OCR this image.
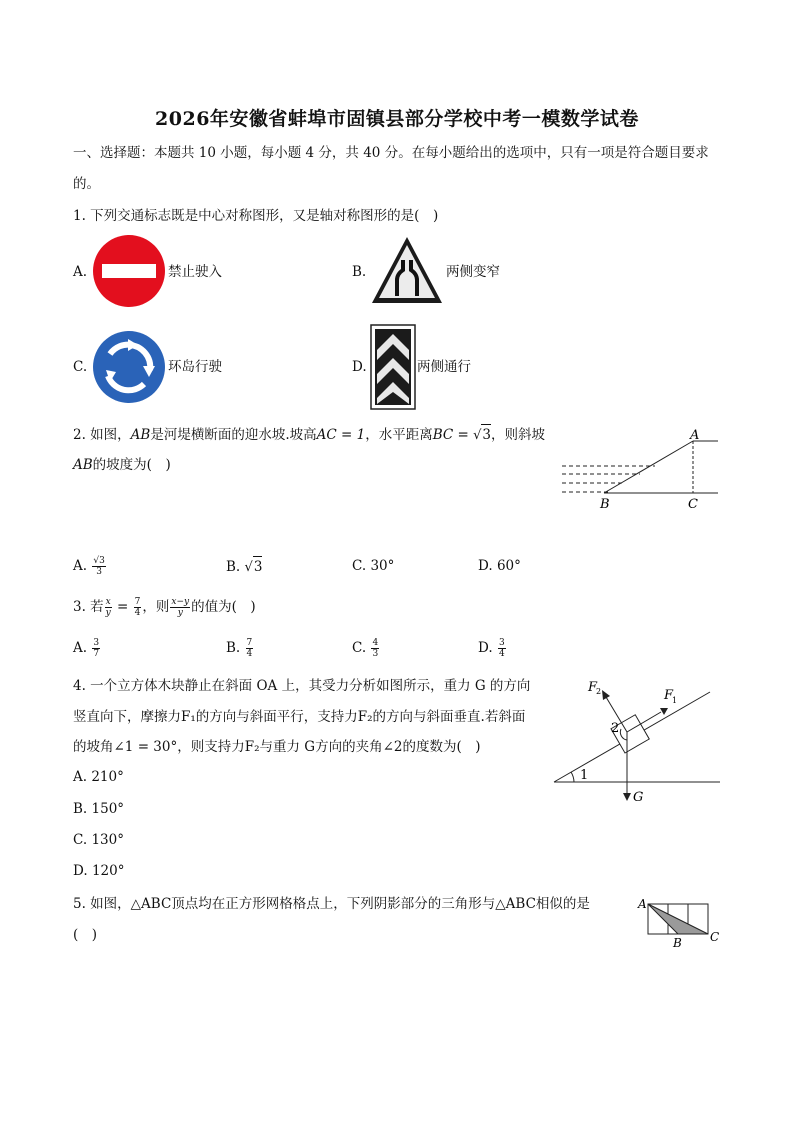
2026年安徽省蚌埠市固镇县部分学校中考一模数学试卷
一、选择题：本题共 10 小题，每小题 4 分，共 40 分。在每小题给出的选项中，只有一项是符合题目要求
的。
1. 下列交通标志既是中心对称图形，又是轴对称图形的是(　)
A.	禁止驶入	B.	两侧变窄
C.	环岛行驶	D.	两侧通行
2. 如图，AB是河堤横断面的迎水坡.坡高AC = 1，水平距离BC = √3，则斜坡
AB的坡度为(　)
A
B	C
A. $\frac{√3}{3}$	B. √3	C. 30°	D. 60°
3. 若 $\frac{x}{y} = \frac{7}{4}$ ，则 $\frac{x-y}{y}$ 的值为(　)
A. $\frac{3}{7}$	B. $\frac{7}{4}$	C. $\frac{4}{3}$	D. $\frac{3}{4}$
4. 一个立方体木块静止在斜面 OA 上，其受力分析如图所示，重力 G 的方向
竖直向下，摩擦力F₁的方向与斜面平行，支持力F₂的方向与斜面垂直.若斜面
的坡角∠1 = 30°，则支持力F₂与重力 G方向的夹角∠2的度数为(　)
F
2	F
1
2
1
G
A. 210°
B. 150°
C. 130°
D. 120°
5. 如图，△ABC顶点均在正方形网格格点上，下列阴影部分的三角形与△ABC相似的是
(　)
A
B C
